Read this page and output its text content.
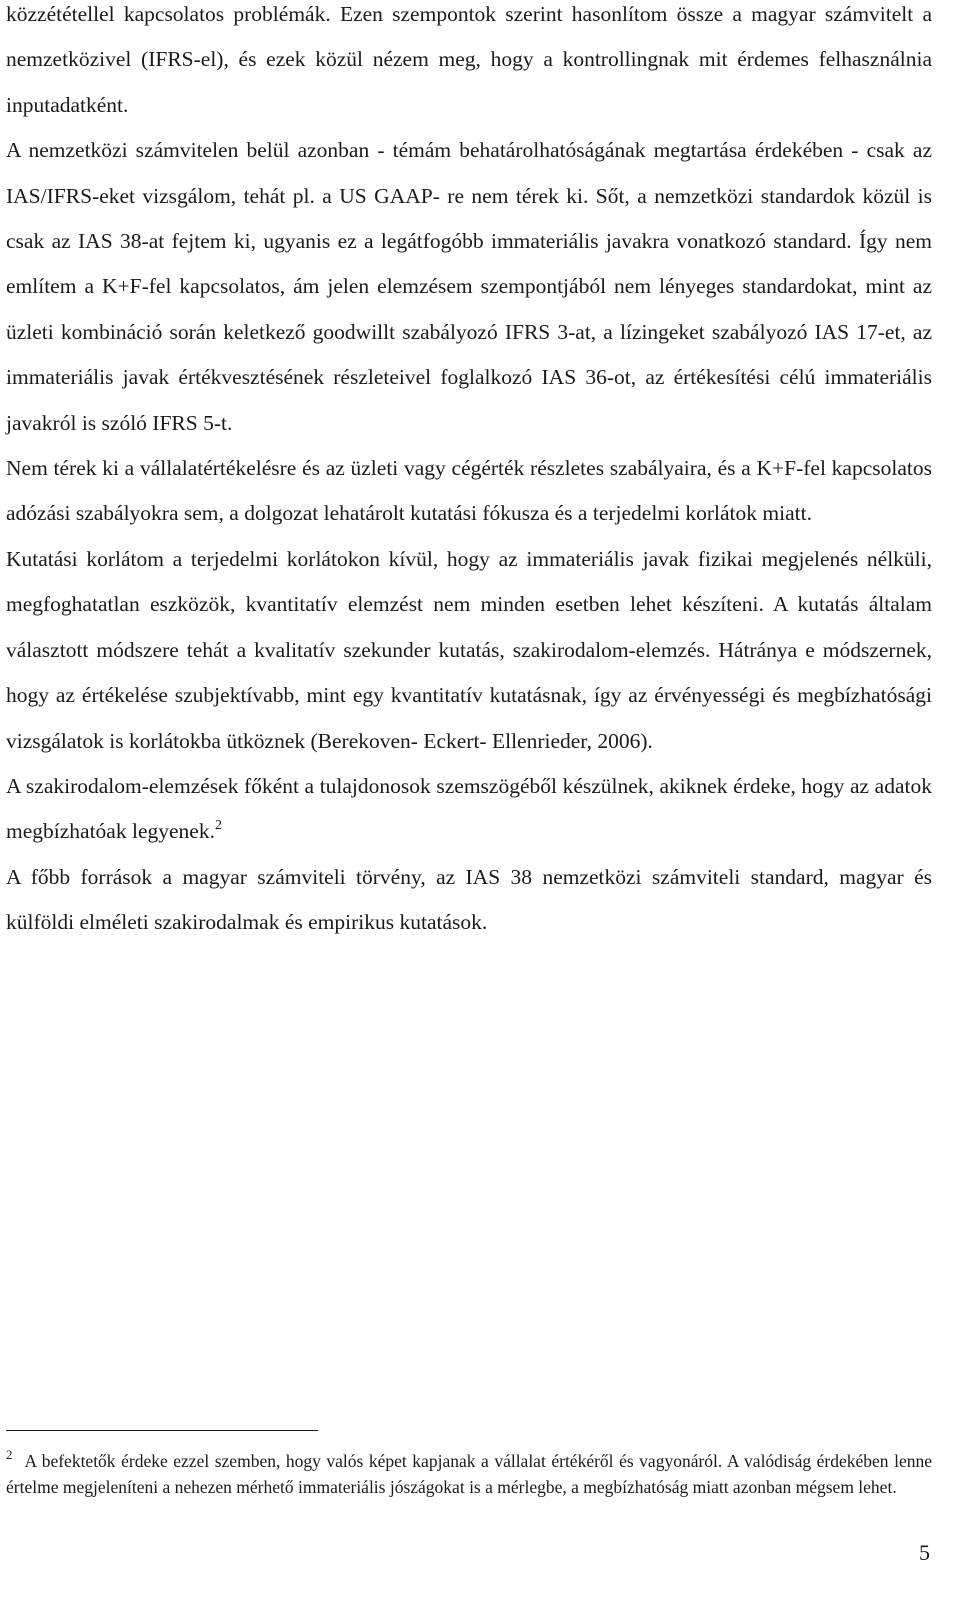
közzététellel kapcsolatos problémák. Ezen szempontok szerint hasonlítom össze a magyar számvitelt a nemzetközivel (IFRS-el), és ezek közül nézem meg, hogy a kontrollingnak mit érdemes felhasználnia inputadatként.

A nemzetközi számvitelen belül azonban - témám behatárolhatóságának megtartása érdekében - csak az IAS/IFRS-eket vizsgálom, tehát pl. a US GAAP- re nem térek ki. Sőt, a nemzetközi standardok közül is csak az IAS 38-at fejtem ki, ugyanis ez a legátfogóbb immateriális javakra vonatkozó standard. Így nem említem a K+F-fel kapcsolatos, ám jelen elemzésem szempontjából nem lényeges standardokat, mint az üzleti kombináció során keletkező goodwillt szabályozó IFRS 3-at, a lízingeket szabályozó IAS 17-et, az immateriális javak értékvesztésének részleteivel foglalkozó IAS 36-ot, az értékesítési célú immateriális javakról is szóló IFRS 5-t.

Nem térek ki a vállalatértékelésre és az üzleti vagy cégérték részletes szabályaira, és a K+F-fel kapcsolatos adózási szabályokra sem, a dolgozat lehatárolt kutatási fókusza és a terjedelmi korlátok miatt.

Kutatási korlátom a terjedelmi korlátokon kívül, hogy az immateriális javak fizikai megjelenés nélküli, megfoghatatlan eszközök, kvantitatív elemzést nem minden esetben lehet készíteni. A kutatás általam választott módszere tehát a kvalitatív szekunder kutatás, szakirodalom-elemzés. Hátránya e módszernek, hogy az értékelése szubjektívabb, mint egy kvantitatív kutatásnak, így az érvényességi és megbízhatósági vizsgálatok is korlátokba ütköznek (Berekoven- Eckert- Ellenrieder, 2006).

A szakirodalom-elemzések főként a tulajdonosok szemszögéből készülnek, akiknek érdeke, hogy az adatok megbízhatóak legyenek.$^2$

A főbb források a magyar számviteli törvény, az IAS 38 nemzetközi számviteli standard, magyar és külföldi elméleti szakirodalmak és empirikus kutatások.

$^2$ A befektetők érdeke ezzel szemben, hogy valós képet kapjanak a vállalat értékéről és vagyonáról. A valódiság érdekében lenne értelme megjeleníteni a nehezen mérhető immateriális jószágokat is a mérlegbe, a megbízhatóság miatt azonban mégsem lehet.

5
